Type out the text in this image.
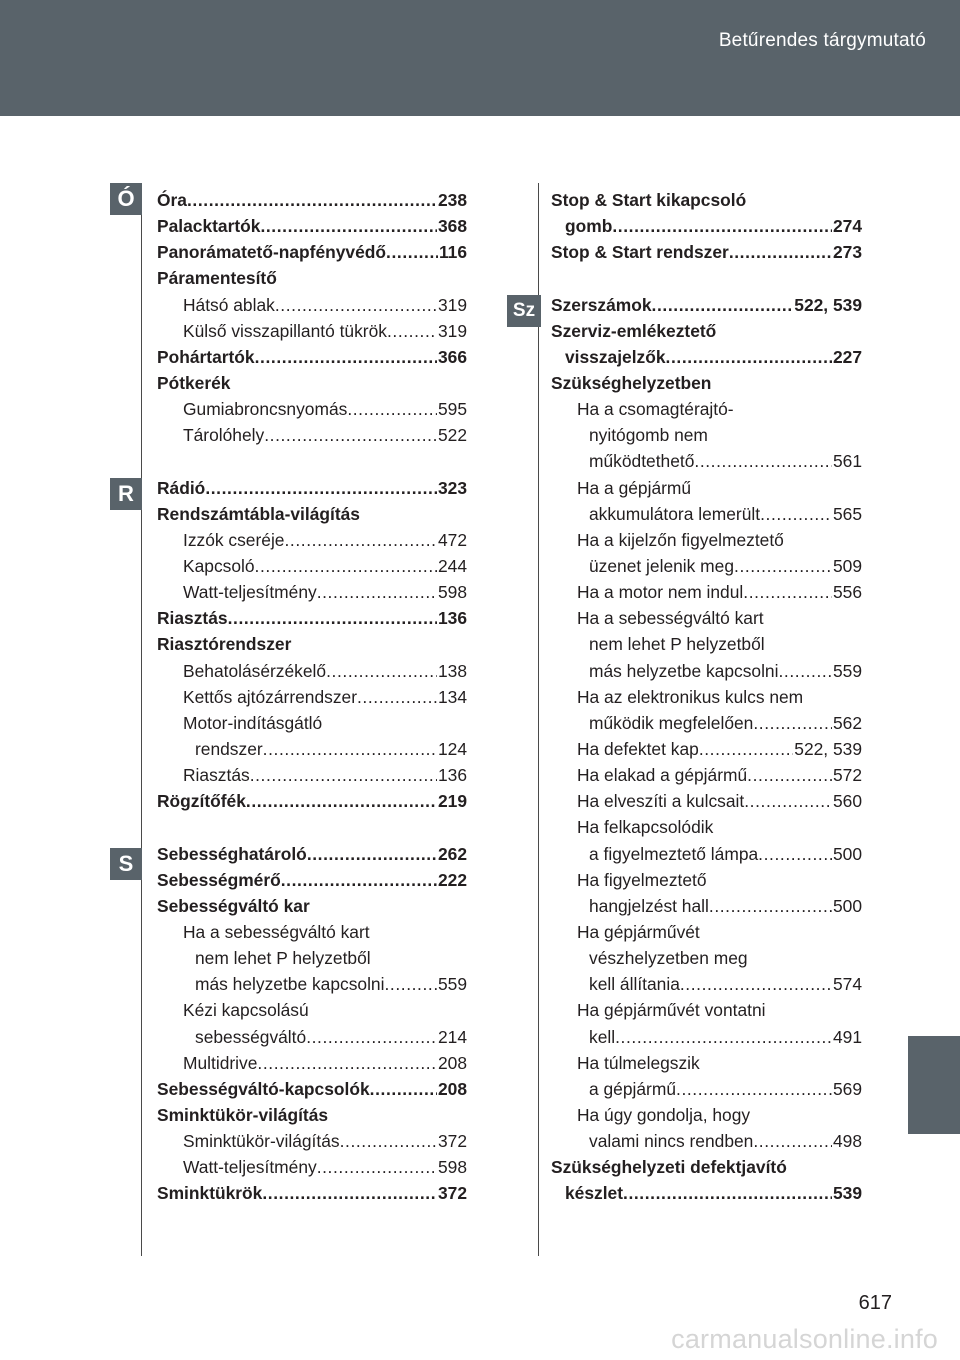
Betűrendes tárgymutató
Ó
R
S
Sz
Óra .....	238
Palacktartók .....	368
Panorámatető-napfényvédő .....	116
Páramentesítő
Hátsó ablak .....	319
Külső visszapillantó tükrök .....	319
Pohártartók .....	366
Pótkerék
Gumiabroncsnyomás .....	595
Tárolóhely .....	522
Rádió .....	323
Rendszámtábla-világítás
Izzók cseréje .....	472
Kapcsoló .....	244
Watt-teljesítmény .....	598
Riasztás .....	136
Riasztórendszer
Behatolásérzékelő .....	138
Kettős ajtózárrendszer .....	134
Motor-indításgátló
rendszer .....	124
Riasztás .....	136
Rögzítőfék .....	219
Sebességhatároló .....	262
Sebességmérő .....	222
Sebességváltó kar
Ha a sebességváltó kart
nem lehet P helyzetből
más helyzetbe kapcsolni .....	559
Kézi kapcsolású
sebességváltó .....	214
Multidrive .....	208
Sebességváltó-kapcsolók .....	208
Sminktükör-világítás
Sminktükör-világítás .....	372
Watt-teljesítmény .....	598
Sminktükrök .....	372
Stop & Start kikapcsoló
gomb .....	274
Stop & Start rendszer .....	273
Szerszámok .....	522, 539
Szerviz-emlékeztető
visszajelzők .....	227
Szükséghelyzetben
Ha a csomagtérajtó-
nyitógomb nem
működtethető .....	561
Ha a gépjármű
akkumulátora lemerült .....	565
Ha a kijelzőn figyelmeztető
üzenet jelenik meg .....	509
Ha a motor nem indul .....	556
Ha a sebességváltó kart
nem lehet P helyzetből
más helyzetbe kapcsolni .....	559
Ha az elektronikus kulcs nem
működik megfelelően .....	562
Ha defektet kap .....	522, 539
Ha elakad a gépjármű .....	572
Ha elveszíti a kulcsait .....	560
Ha felkapcsolódik
a figyelmeztető lámpa .....	500
Ha figyelmeztető
hangjelzést hall .....	500
Ha gépjárművét
vészhelyzetben meg
kell állítania .....	574
Ha gépjárművét vontatni
kell .....	491
Ha túlmelegszik
a gépjármű .....	569
Ha úgy gondolja, hogy
valami nincs rendben .....	498
Szükséghelyzeti defektjavító
készlet .....	539
617
carmanualsonline.info
